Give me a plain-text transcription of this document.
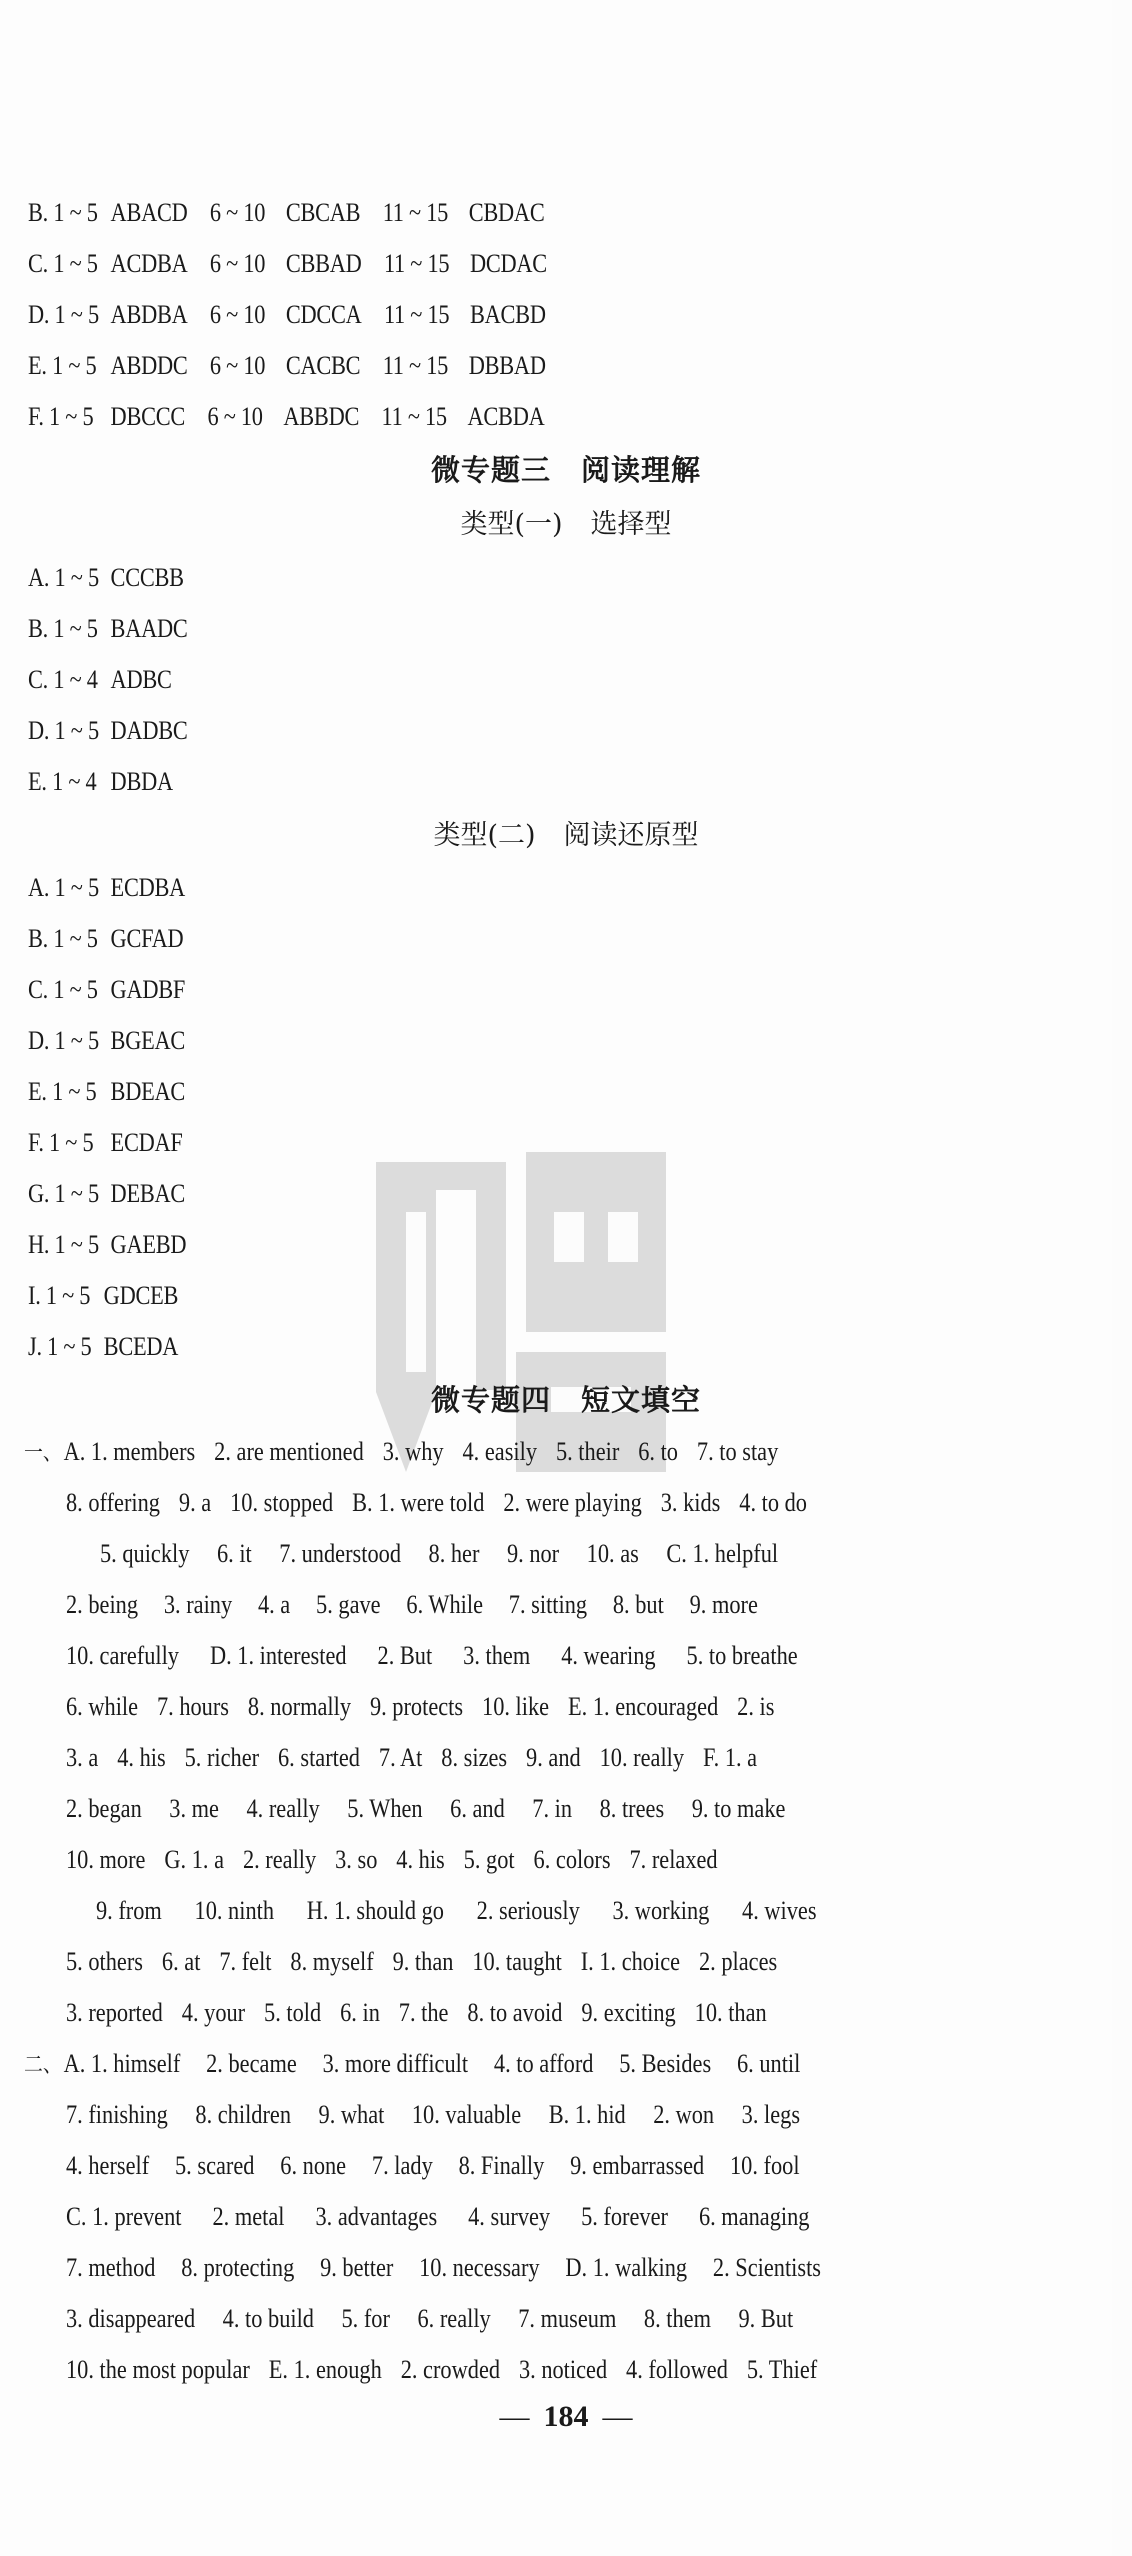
B. 1 ~ 5 ABACD 6 ~ 10 CBCAB 11 ~ 15 CBDAC
C. 1 ~ 5 ACDBA 6 ~ 10 CBBAD 11 ~ 15 DCDAC
D. 1 ~ 5 ABDBA 6 ~ 10 CDCCA 11 ~ 15 BACBD
E. 1 ~ 5 ABDDC 6 ~ 10 CACBC 11 ~ 15 DBBAD
F. 1 ~ 5 DBCCC 6 ~ 10 ABBDC 11 ~ 15 ACBDA
微专题三 阅读理解
类型(一) 选择型
A. 1 ~ 5 CCCBB
B. 1 ~ 5 BAADC
C. 1 ~ 4 ADBC
D. 1 ~ 5 DADBC
E. 1 ~ 4 DBDA
类型(二) 阅读还原型
A. 1 ~ 5 ECDBA
B. 1 ~ 5 GCFAD
C. 1 ~ 5 GADBF
D. 1 ~ 5 BGEAC
E. 1 ~ 5 BDEAC
F. 1 ~ 5 ECDAF
G. 1 ~ 5 DEBAC
H. 1 ~ 5 GAEBD
I. 1 ~ 5 GDCEB
J. 1 ~ 5 BCEDA
微专题四 短文填空
一、A. 1. members 2. are mentioned 3. why 4. easily 5. their 6. to 7. to stay
8. offering 9. a 10. stopped B. 1. were told 2. were playing 3. kids 4. to do
5. quickly 6. it 7. understood 8. her 9. nor 10. as C. 1. helpful
2. being 3. rainy 4. a 5. gave 6. While 7. sitting 8. but 9. more
10. carefully D. 1. interested 2. But 3. them 4. wearing 5. to breathe
6. while 7. hours 8. normally 9. protects 10. like E. 1. encouraged 2. is
3. a 4. his 5. richer 6. started 7. At 8. sizes 9. and 10. really F. 1. a
2. began 3. me 4. really 5. When 6. and 7. in 8. trees 9. to make
10. more G. 1. a 2. really 3. so 4. his 5. got 6. colors 7. relaxed
9. from 10. ninth H. 1. should go 2. seriously 3. working 4. wives
5. others 6. at 7. felt 8. myself 9. than 10. taught I. 1. choice 2. places
3. reported 4. your 5. told 6. in 7. the 8. to avoid 9. exciting 10. than
二、A. 1. himself 2. became 3. more difficult 4. to afford 5. Besides 6. until
7. finishing 8. children 9. what 10. valuable B. 1. hid 2. won 3. legs
4. herself 5. scared 6. none 7. lady 8. Finally 9. embarrassed 10. fool
C. 1. prevent 2. metal 3. advantages 4. survey 5. forever 6. managing
7. method 8. protecting 9. better 10. necessary D. 1. walking 2. Scientists
3. disappeared 4. to build 5. for 6. really 7. museum 8. them 9. But
10. the most popular E. 1. enough 2. crowded 3. noticed 4. followed 5. Thief
— 184 —
